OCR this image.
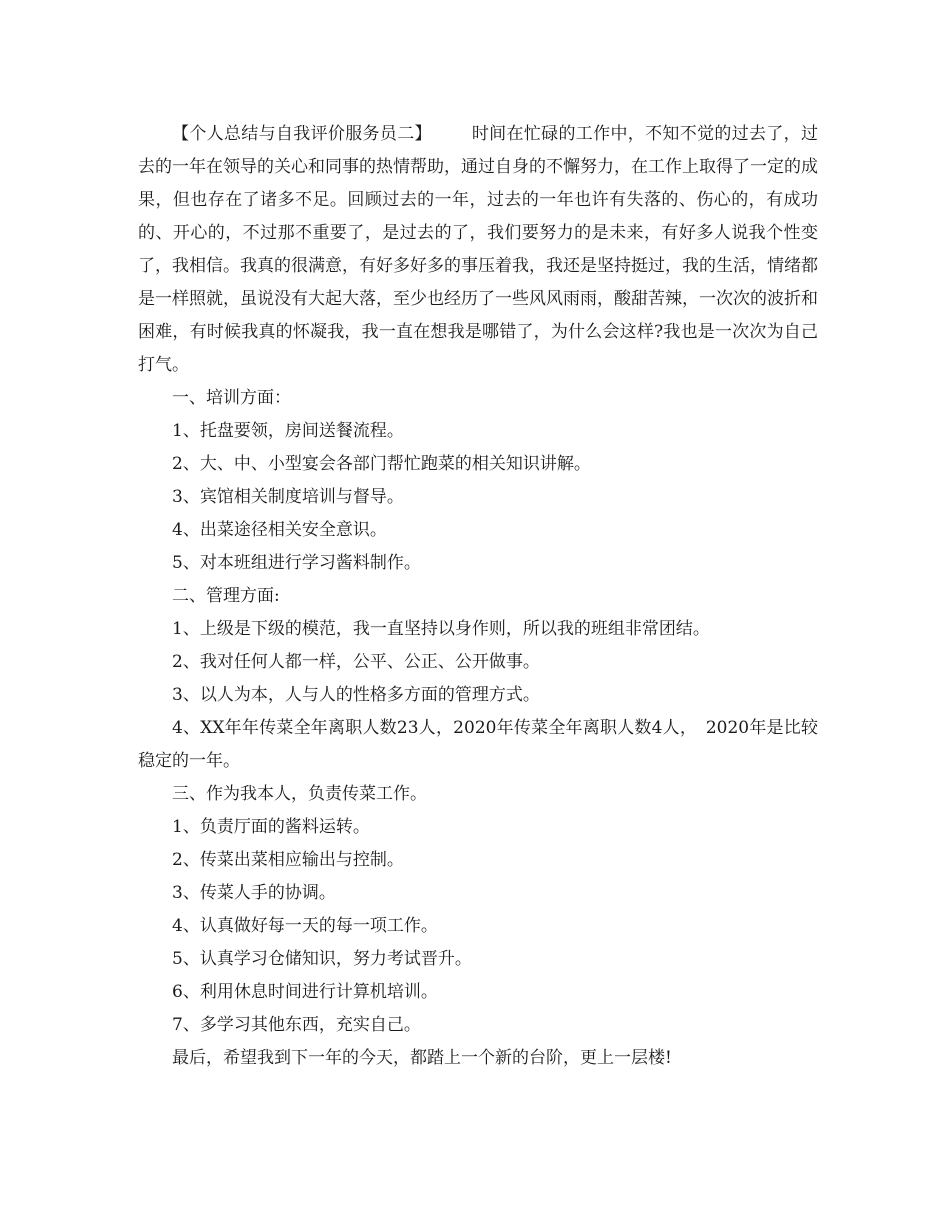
【个人总结与自我评价服务员二】 时间在忙碌的工作中，不知不觉的过去了，过去的一年在领导的关心和同事的热情帮助，通过自身的不懈努力，在工作上取得了一定的成果，但也存在了诸多不足。回顾过去的一年，过去的一年也许有失落的、伤心的，有成功的、开心的，不过那不重要了，是过去的了，我们要努力的是未来，有好多人说我个性变了，我相信。我真的很满意，有好多好多的事压着我，我还是坚持挺过，我的生活，情绪都是一样照就，虽说没有大起大落，至少也经历了一些风风雨雨，酸甜苦辣，一次次的波折和困难，有时候我真的怀凝我，我一直在想我是哪错了，为什么会这样?我也是一次次为自己打气。

一、培训方面：

1、托盘要领，房间送餐流程。

2、大、中、小型宴会各部门帮忙跑菜的相关知识讲解。

3、宾馆相关制度培训与督导。

4、出菜途径相关安全意识。

5、对本班组进行学习酱料制作。

二、管理方面:

1、上级是下级的模范，我一直坚持以身作则，所以我的班组非常团结。

2、我对任何人都一样，公平、公正、公开做事。

3、以人为本，人与人的性格多方面的管理方式。

4、XX年年传菜全年离职人数23人，2020年传菜全年离职人数4人，　2020年是比较稳定的一年。

三、作为我本人，负责传菜工作。

1、负责厅面的酱料运转。

2、传菜出菜相应输出与控制。

3、传菜人手的协调。

4、认真做好每一天的每一项工作。

5、认真学习仓储知识，努力考试晋升。

6、利用休息时间进行计算机培训。

7、多学习其他东西，充实自己。

最后，希望我到下一年的今天，都踏上一个新的台阶，更上一层楼!
